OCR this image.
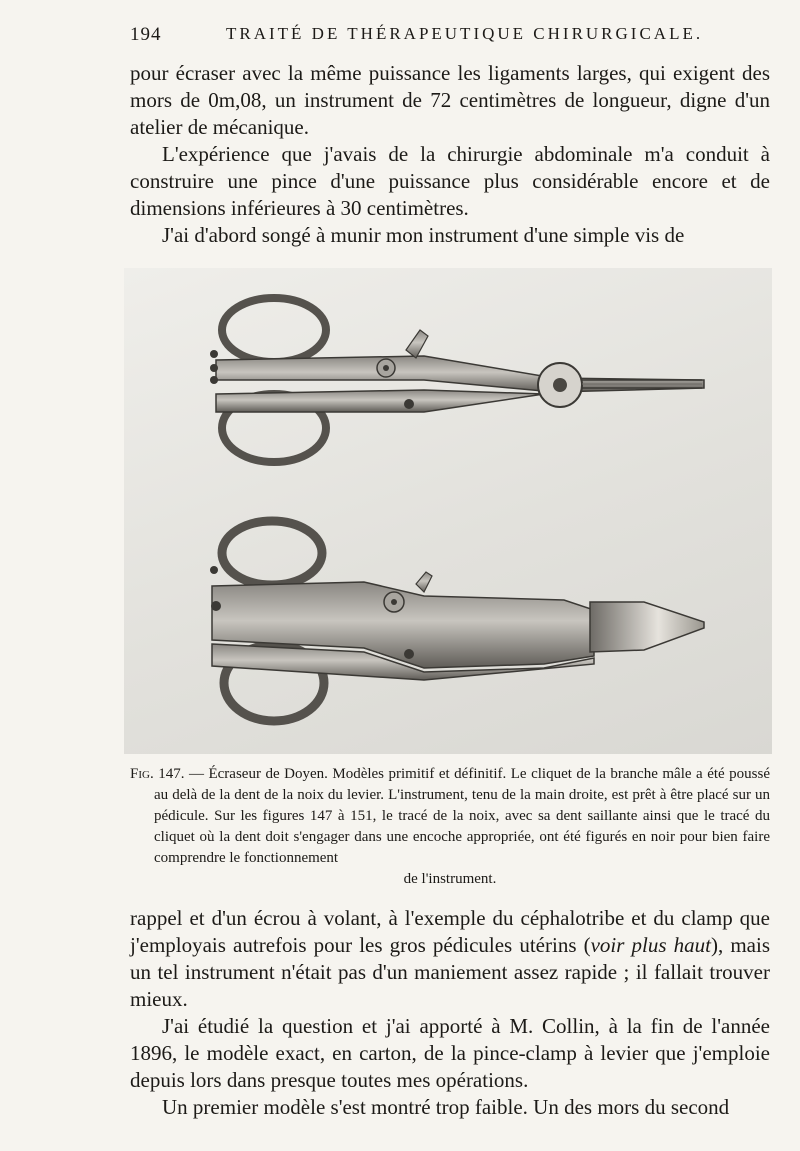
194	TRAITÉ DE THÉRAPEUTIQUE CHIRURGICALE.

pour écraser avec la même puissance les ligaments larges, qui exigent des mors de 0m,08, un instrument de 72 centimètres de longueur, digne d'un atelier de mécanique.

L'expérience que j'avais de la chirurgie abdominale m'a conduit à construire une pince d'une puissance plus considérable encore et de dimensions inférieures à 30 centimètres.

J'ai d'abord songé à munir mon instrument d'une simple vis de

Fig. 147. — Écraseur de Doyen. Modèles primitif et définitif. Le cliquet de la branche mâle a été poussé au delà de la dent de la noix du levier. L'instrument, tenu de la main droite, est prêt à être placé sur un pédicule. Sur les figures 147 à 151, le tracé de la noix, avec sa dent saillante ainsi que le tracé du cliquet où la dent doit s'engager dans une encoche appropriée, ont été figurés en noir pour bien faire comprendre le fonctionnement
de l'instrument.

rappel et d'un écrou à volant, à l'exemple du céphalotribe et du clamp que j'employais autrefois pour les gros pédicules utérins (voir plus haut), mais un tel instrument n'était pas d'un maniement assez rapide ; il fallait trouver mieux.

J'ai étudié la question et j'ai apporté à M. Collin, à la fin de l'année 1896, le modèle exact, en carton, de la pince-clamp à levier que j'emploie depuis lors dans presque toutes mes opérations.

Un premier modèle s'est montré trop faible. Un des mors du second
